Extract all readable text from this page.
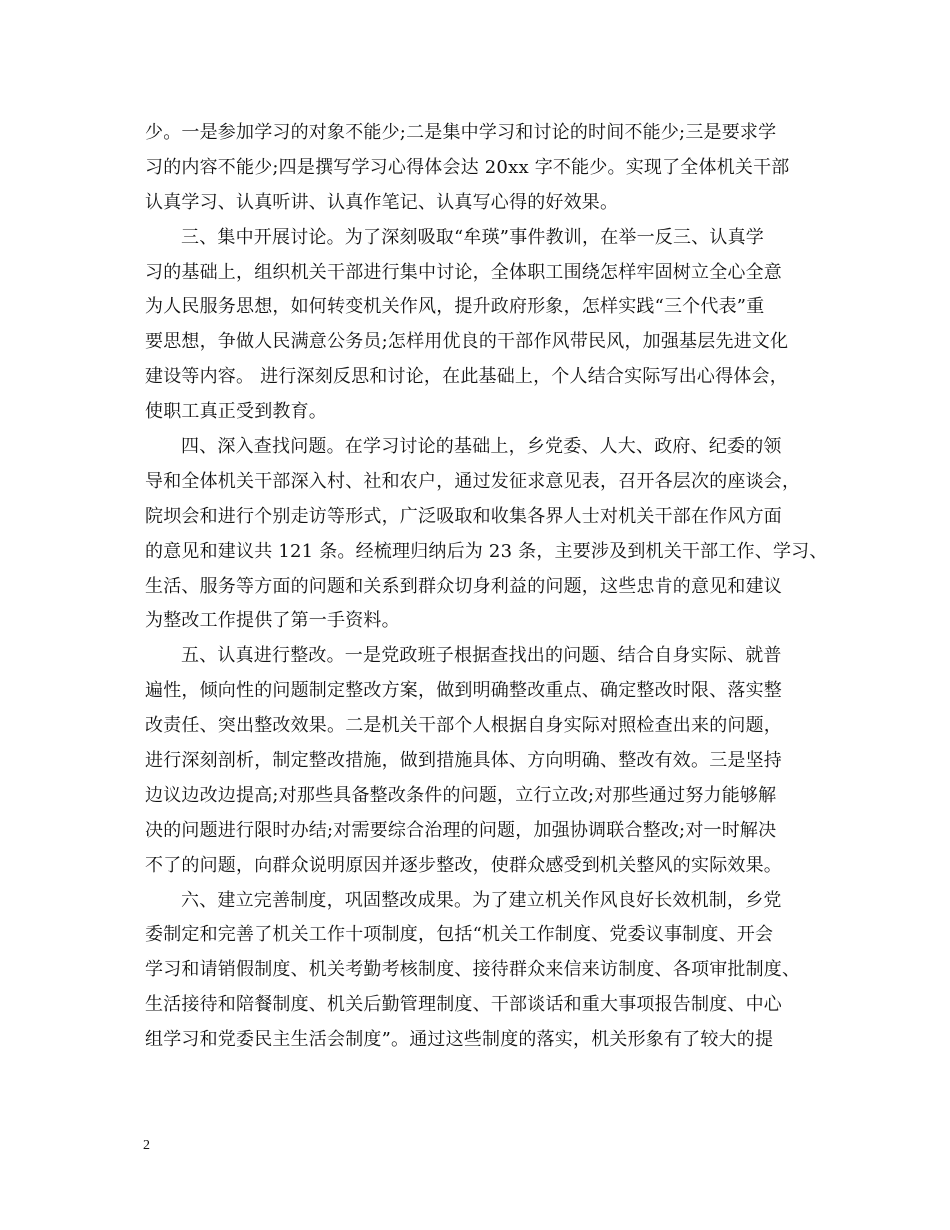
少。一是参加学习的对象不能少;二是集中学习和讨论的时间不能少;三是要求学
习的内容不能少;四是撰写学习心得体会达 20xx 字不能少。实现了全体机关干部
认真学习、认真听讲、认真作笔记、认真写心得的好效果。
三、集中开展讨论。为了深刻吸取“牟瑛”事件教训，在举一反三、认真学
习的基础上，组织机关干部进行集中讨论，全体职工围绕怎样牢固树立全心全意
为人民服务思想，如何转变机关作风，提升政府形象，怎样实践“三个代表”重
要思想，争做人民满意公务员;怎样用优良的干部作风带民风，加强基层先进文化
建设等内容。 进行深刻反思和讨论，在此基础上，个人结合实际写出心得体会，
使职工真正受到教育。
四、深入查找问题。在学习讨论的基础上，乡党委、人大、政府、纪委的领
导和全体机关干部深入村、社和农户，通过发征求意见表，召开各层次的座谈会，
院坝会和进行个别走访等形式，广泛吸取和收集各界人士对机关干部在作风方面
的意见和建议共 121 条。经梳理归纳后为 23 条，主要涉及到机关干部工作、学习、
生活、服务等方面的问题和关系到群众切身利益的问题，这些忠肯的意见和建议
为整改工作提供了第一手资料。
五、认真进行整改。一是党政班子根据查找出的问题、结合自身实际、就普
遍性，倾向性的问题制定整改方案，做到明确整改重点、确定整改时限、落实整
改责任、突出整改效果。二是机关干部个人根据自身实际对照检查出来的问题，
进行深刻剖析，制定整改措施，做到措施具体、方向明确、整改有效。三是坚持
边议边改边提高;对那些具备整改条件的问题，立行立改;对那些通过努力能够解
决的问题进行限时办结;对需要综合治理的问题，加强协调联合整改;对一时解决
不了的问题，向群众说明原因并逐步整改，使群众感受到机关整风的实际效果。
六、建立完善制度，巩固整改成果。为了建立机关作风良好长效机制，乡党
委制定和完善了机关工作十项制度，包括“机关工作制度、党委议事制度、开会
学习和请销假制度、机关考勤考核制度、接待群众来信来访制度、各项审批制度、
生活接待和陪餐制度、机关后勤管理制度、干部谈话和重大事项报告制度、中心
组学习和党委民主生活会制度”。通过这些制度的落实，机关形象有了较大的提
2
